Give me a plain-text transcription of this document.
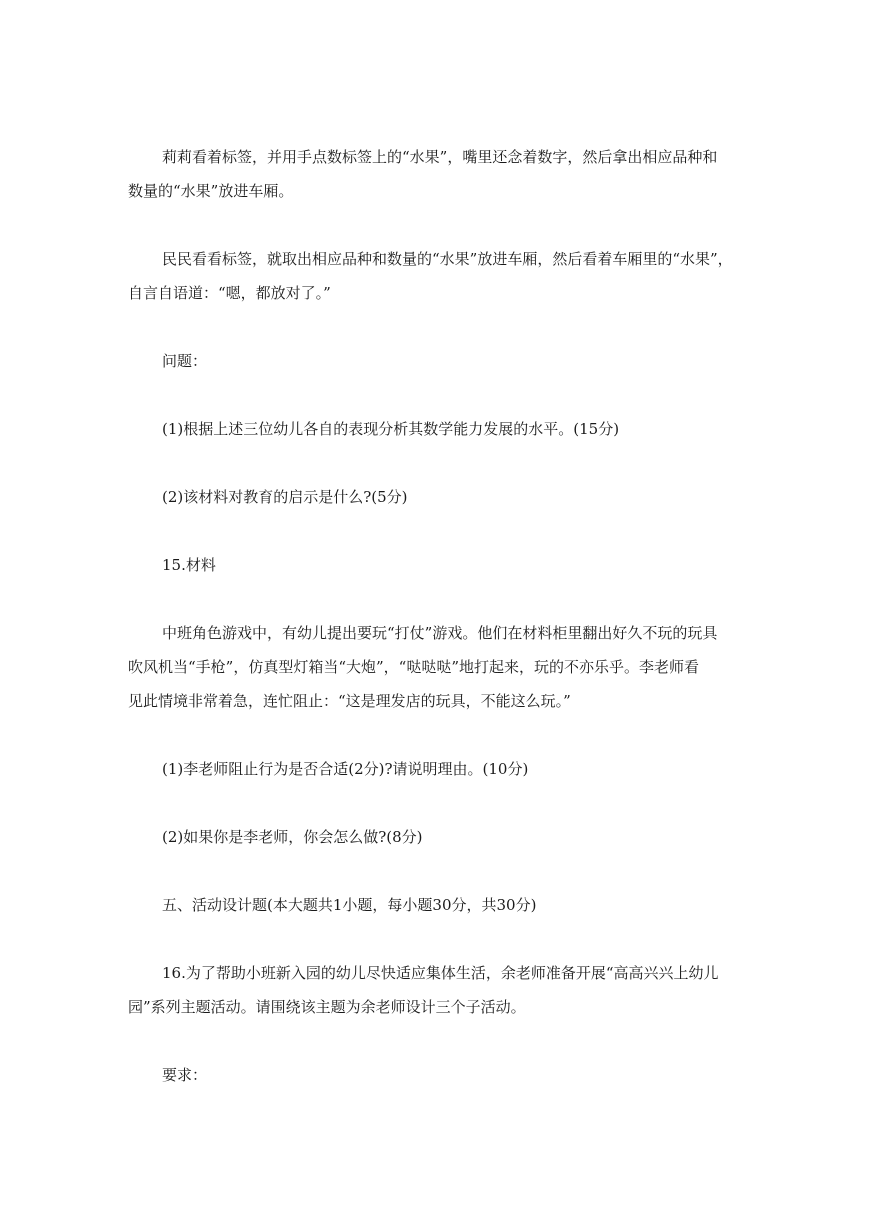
莉莉看着标签，并用手点数标签上的“水果”，嘴里还念着数字，然后拿出相应品种和
数量的“水果”放进车厢。

民民看看标签，就取出相应品种和数量的“水果”放进车厢，然后看着车厢里的“水果”，
自言自语道：“嗯，都放对了。”

问题：

(1)根据上述三位幼儿各自的表现分析其数学能力发展的水平。(15分)

(2)该材料对教育的启示是什么?(5分)

15.材料

中班角色游戏中，有幼儿提出要玩“打仗”游戏。他们在材料柜里翻出好久不玩的玩具
吹风机当“手枪”，仿真型灯箱当“大炮”，“哒哒哒”地打起来，玩的不亦乐乎。李老师看
见此情境非常着急，连忙阻止：“这是理发店的玩具，不能这么玩。”

(1)李老师阻止行为是否合适(2分)?请说明理由。(10分)

(2)如果你是李老师，你会怎么做?(8分)

五、活动设计题(本大题共1小题，每小题30分，共30分)

16.为了帮助小班新入园的幼儿尽快适应集体生活，余老师准备开展“高高兴兴上幼儿
园”系列主题活动。请围绕该主题为余老师设计三个子活动。

要求：
